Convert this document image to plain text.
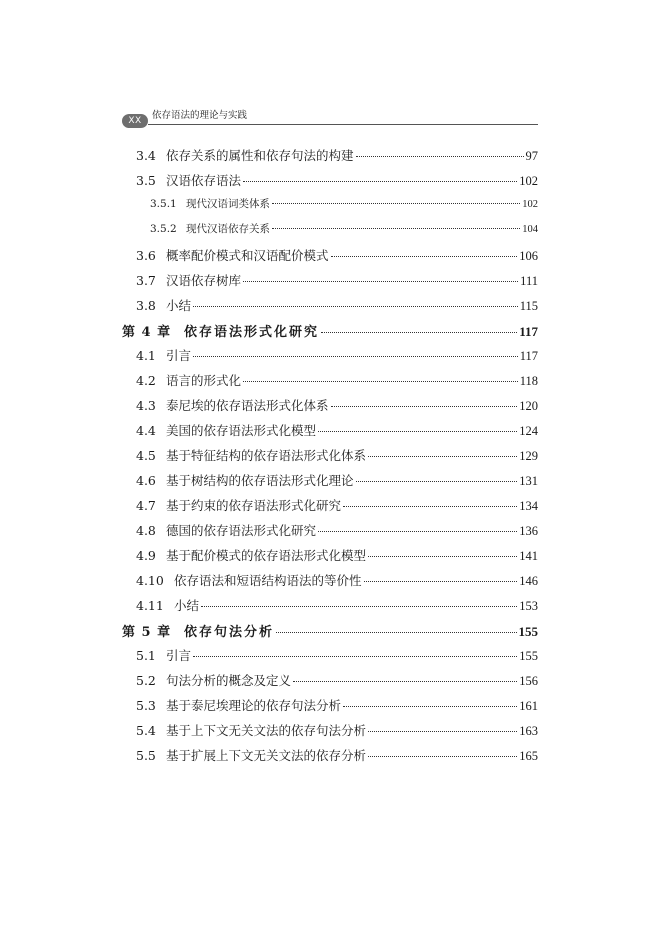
XX	依存语法的理论与实践
3.4 依存关系的属性和依存句法的构建	97
3.5 汉语依存语法	102
3.5.1 现代汉语词类体系	102
3.5.2 现代汉语依存关系	104
3.6 概率配价模式和汉语配价模式	106
3.7 汉语依存树库	111
3.8 小结	115
第 4 章 依存语法形式化研究	117
4.1 引言	117
4.2 语言的形式化	118
4.3 泰尼埃的依存语法形式化体系	120
4.4 美国的依存语法形式化模型	124
4.5 基于特征结构的依存语法形式化体系	129
4.6 基于树结构的依存语法形式化理论	131
4.7 基于约束的依存语法形式化研究	134
4.8 德国的依存语法形式化研究	136
4.9 基于配价模式的依存语法形式化模型	141
4.10 依存语法和短语结构语法的等价性	146
4.11 小结	153
第 5 章 依存句法分析	155
5.1 引言	155
5.2 句法分析的概念及定义	156
5.3 基于泰尼埃理论的依存句法分析	161
5.4 基于上下文无关文法的依存句法分析	163
5.5 基于扩展上下文无关文法的依存分析	165
